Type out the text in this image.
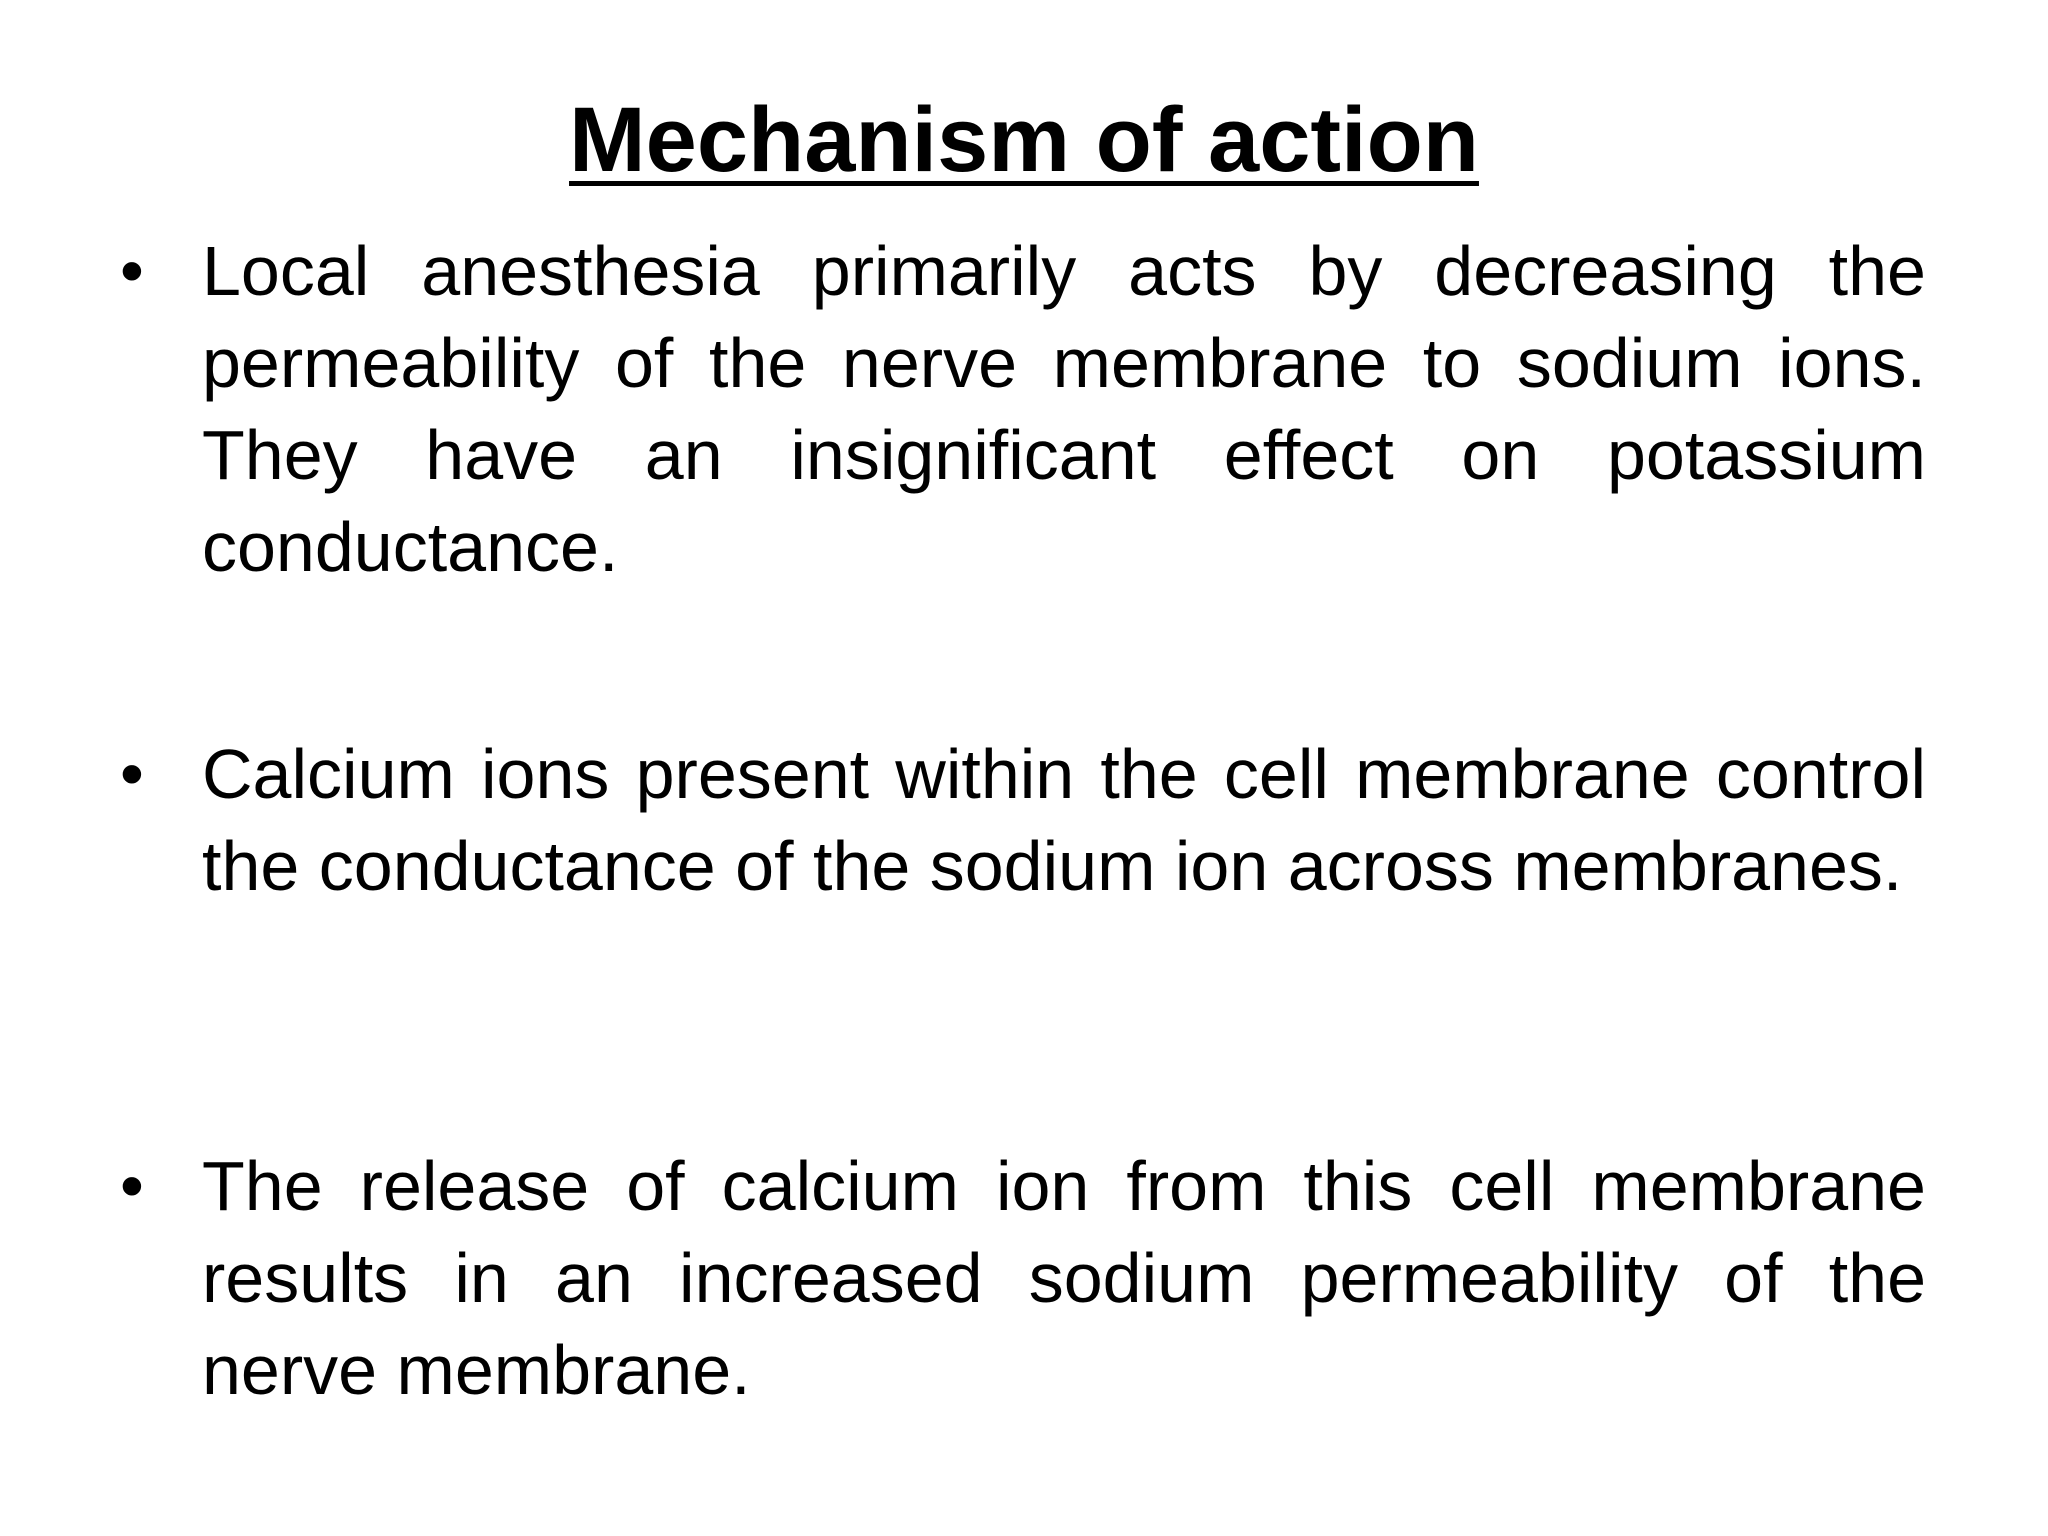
Mechanism of action
• Local anesthesia primarily acts by decreasing the permeability of the nerve membrane to sodium ions. They have an insignificant effect on potassium conductance.

• Calcium ions present within the cell membrane control the conductance of the sodium ion across membranes.

• The release of calcium ion from this cell membrane results in an increased sodium permeability of the nerve membrane.
